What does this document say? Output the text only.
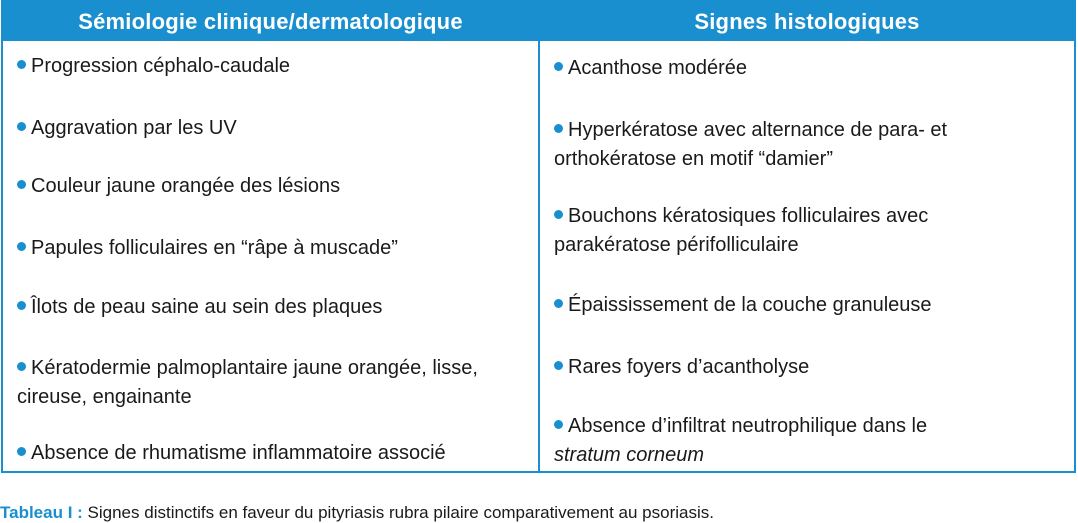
Sémiologie clinique/dermatologique
Progression céphalo-caudale
Aggravation par les UV
Couleur jaune orangée des lésions
Papules folliculaires en “râpe à muscade”
Îlots de peau saine au sein des plaques
Kératodermie palmoplantaire jaune orangée, lisse, cireuse, engainante
Absence de rhumatisme inflammatoire associé
Signes histologiques
Acanthose modérée
Hyperkératose avec alternance de para- et orthokératose en motif “damier”
Bouchons kératosiques folliculaires avec parakératose périfolliculaire
Épaississement de la couche granuleuse
Rares foyers d’acantholyse
Absence d’infiltrat neutrophilique dans le
stratum corneum
Tableau I : Signes distinctifs en faveur du pityriasis rubra pilaire comparativement au psoriasis.
